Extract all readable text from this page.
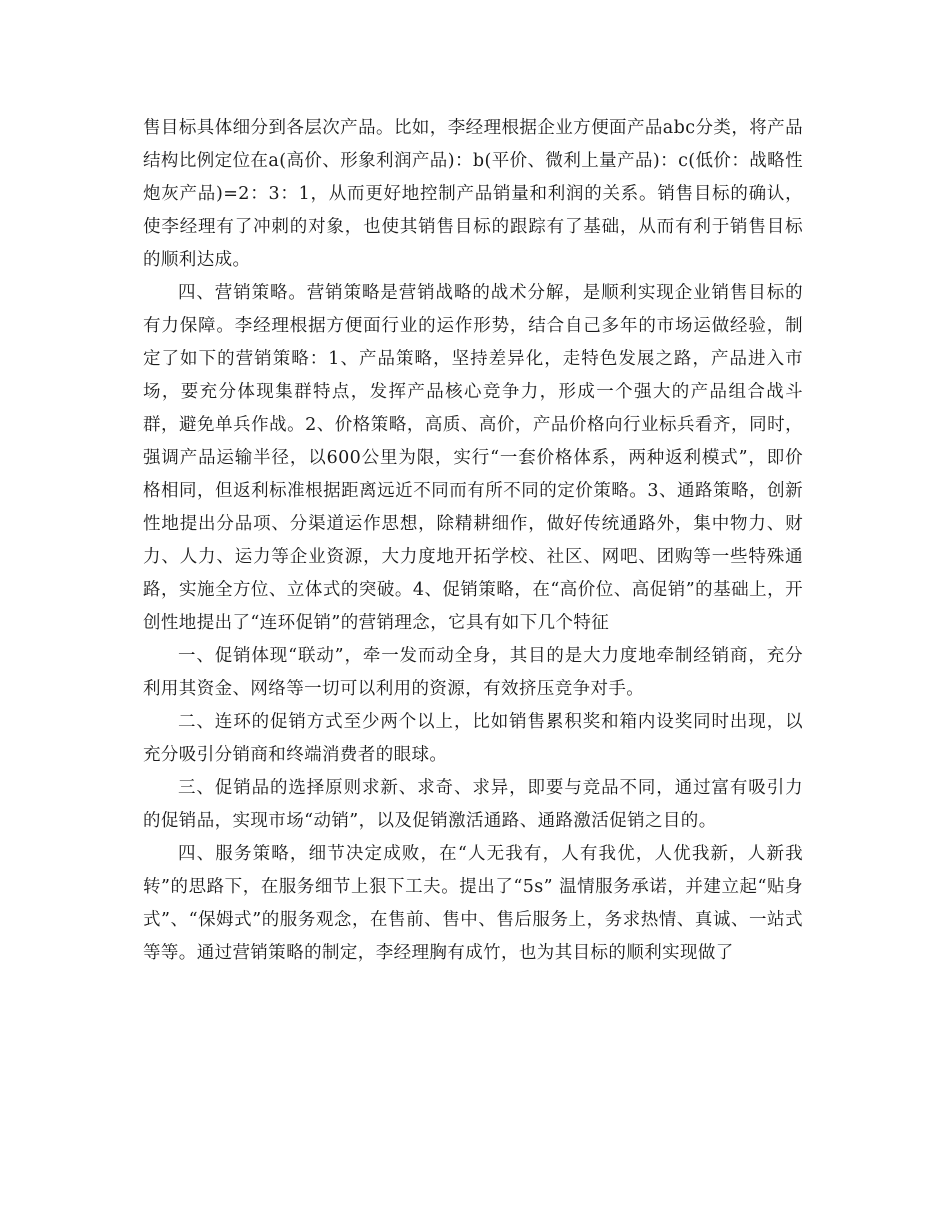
售目标具体细分到各层次产品。比如，李经理根据企业方便面产品abc分类，将产品结构比例定位在a(高价、形象利润产品)：b(平价、微利上量产品)：c(低价：战略性炮灰产品)=2：3：1，从而更好地控制产品销量和利润的关系。销售目标的确认，使李经理有了冲刺的对象，也使其销售目标的跟踪有了基础，从而有利于销售目标的顺利达成。

四、营销策略。营销策略是营销战略的战术分解，是顺利实现企业销售目标的有力保障。李经理根据方便面行业的运作形势，结合自己多年的市场运做经验，制定了如下的营销策略：1、产品策略，坚持差异化，走特色发展之路，产品进入市场，要充分体现集群特点，发挥产品核心竞争力，形成一个强大的产品组合战斗群，避免单兵作战。2、价格策略，高质、高价，产品价格向行业标兵看齐，同时，强调产品运输半径，以600公里为限，实行“一套价格体系，两种返利模式”，即价格相同，但返利标准根据距离远近不同而有所不同的定价策略。3、通路策略，创新性地提出分品项、分渠道运作思想，除精耕细作，做好传统通路外，集中物力、财力、人力、运力等企业资源，大力度地开拓学校、社区、网吧、团购等一些特殊通路，实施全方位、立体式的突破。4、促销策略，在“高价位、高促销”的基础上，开创性地提出了“连环促销”的营销理念，它具有如下几个特征

一、促销体现“联动”，牵一发而动全身，其目的是大力度地牵制经销商，充分利用其资金、网络等一切可以利用的资源，有效挤压竞争对手。

二、连环的促销方式至少两个以上，比如销售累积奖和箱内设奖同时出现，以充分吸引分销商和终端消费者的眼球。

三、促销品的选择原则求新、求奇、求异，即要与竞品不同，通过富有吸引力的促销品，实现市场“动销”，以及促销激活通路、通路激活促销之目的。

四、服务策略，细节决定成败，在“人无我有，人有我优，人优我新，人新我转”的思路下，在服务细节上狠下工夫。提出了“5s” 温情服务承诺，并建立起“贴身式”、“保姆式”的服务观念，在售前、售中、售后服务上，务求热情、真诚、一站式等等。通过营销策略的制定，李经理胸有成竹，也为其目标的顺利实现做了
